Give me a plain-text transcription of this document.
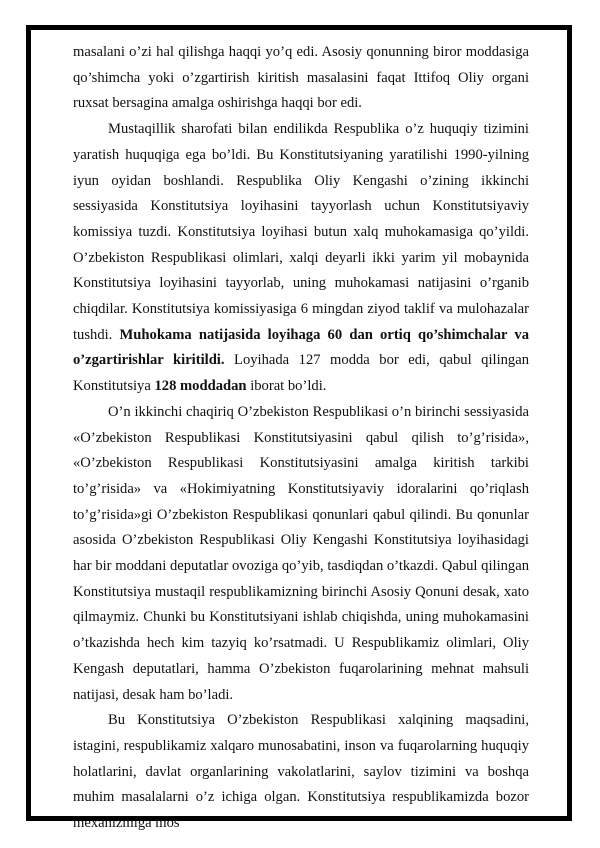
masalani o’zi hal qilishga haqqi yo’q edi. Asosiy qonunning biror moddasiga qo’shimcha yoki o’zgartirish kiritish masalasini faqat Ittifoq Oliy organi ruxsat bersagina amalga oshirishga haqqi bor edi.

Mustaqillik sharofati bilan endilikda Respublika o’z huquqiy tizimini yaratish huquqiga ega bo’ldi. Bu Konstitutsiyaning yaratilishi 1990-yilning iyun oyidan boshlandi. Respublika Oliy Kengashi o’zining ikkinchi sessiyasida Konstitutsiya loyihasini tayyorlash uchun Konstitutsiyaviy komissiya tuzdi. Konstitutsiya loyihasi butun xalq muhokamasiga qo’yildi. O’zbekiston Respublikasi olimlari, xalqi deyarli ikki yarim yil mobaynida Konstitutsiya loyihasini tayyorlab, uning muhokamasi natijasini o’rganib chiqdilar. Konstitutsiya komissiyasiga 6 mingdan ziyod taklif va mulohazalar tushdi. Muhokama natijasida loyihaga 60 dan ortiq qo’shimchalar va o’zgartirishlar kiritildi. Loyihada 127 modda bor edi, qabul qilingan Konstitutsiya 128 moddadan iborat bo’ldi.

O’n ikkinchi chaqiriq O’zbekiston Respublikasi o’n birinchi sessiyasida «O’zbekiston Respublikasi Konstitutsiyasini qabul qilish to’g’risida», «O’zbekiston Respublikasi Konstitutsiyasini amalga kiritish tarkibi to’g’risida» va «Hokimiyatning Konstitutsiyaviy idoralarini qo’riqlash to’g’risida»gi O’zbekiston Respublikasi qonunlari qabul qilindi. Bu qonunlar asosida O’zbekiston Respublikasi Oliy Kengashi Konstitutsiya loyihasidagi har bir moddani deputatlar ovoziga qo’yib, tasdiqdan o’tkazdi. Qabul qilingan Konstitutsiya mustaqil respublikamizning birinchi Asosiy Qonuni desak, xato qilmaymiz. Chunki bu Konstitutsiyani ishlab chiqishda, uning muhokamasini o’tkazishda hech kim tazyiq ko’rsatmadi. U Respublikamiz olimlari, Oliy Kengash deputatlari, hamma O’zbekiston fuqarolarining mehnat mahsuli natijasi, desak ham bo’ladi.

Bu Konstitutsiya O’zbekiston Respublikasi xalqining maqsadini, istagini, respublikamiz xalqaro munosabatini, inson va fuqarolarning huquqiy holatlarini, davlat organlarining vakolatlarini, saylov tizimini va boshqa muhim masalalarni o’z ichiga olgan. Konstitutsiya respublikamizda bozor mexanizmiga mos
